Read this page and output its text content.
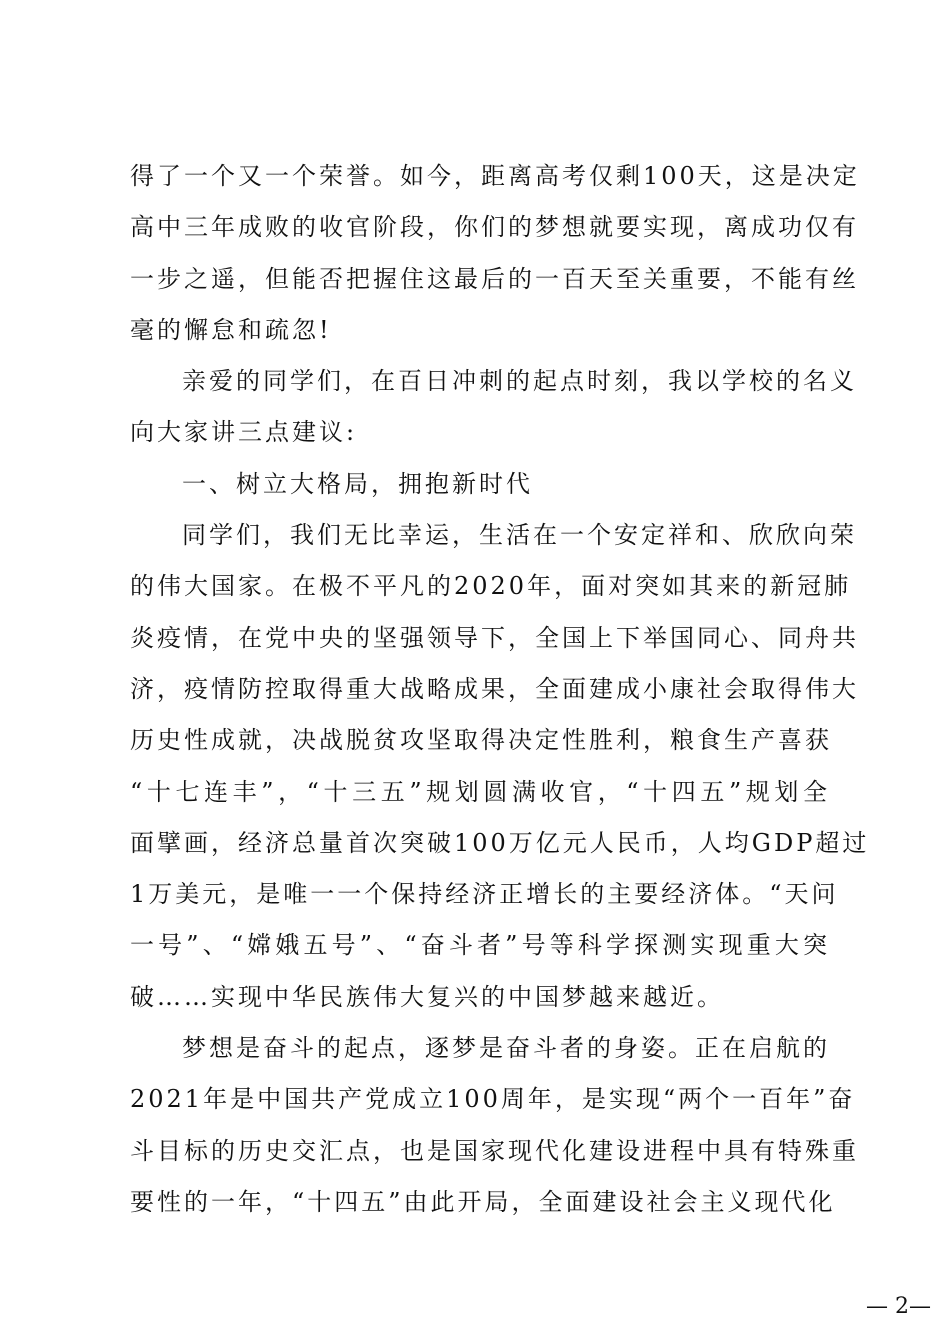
得了一个又一个荣誉。如今，距离高考仅剩100天，这是决定
高中三年成败的收官阶段，你们的梦想就要实现，离成功仅有
一步之遥，但能否把握住这最后的一百天至关重要，不能有丝
毫的懈怠和疏忽!
亲爱的同学们，在百日冲刺的起点时刻，我以学校的名义
向大家讲三点建议:
一、树立大格局，拥抱新时代
同学们，我们无比幸运，生活在一个安定祥和、欣欣向荣
的伟大国家。在极不平凡的2020年，面对突如其来的新冠肺
炎疫情，在党中央的坚强领导下，全国上下举国同心、同舟共
济，疫情防控取得重大战略成果，全面建成小康社会取得伟大
历史性成就，决战脱贫攻坚取得决定性胜利，粮食生产喜获
“十七连丰”，“十三五”规划圆满收官，“十四五”规划全
面擘画，经济总量首次突破100万亿元人民币，人均GDP超过
1万美元，是唯一一个保持经济正增长的主要经济体。“天问
一号”、“嫦娥五号”、“奋斗者”号等科学探测实现重大突
破……实现中华民族伟大复兴的中国梦越来越近。
梦想是奋斗的起点，逐梦是奋斗者的身姿。正在启航的
2021年是中国共产党成立100周年，是实现“两个一百年”奋
斗目标的历史交汇点，也是国家现代化建设进程中具有特殊重
要性的一年，“十四五”由此开局，全面建设社会主义现代化
— 2—
